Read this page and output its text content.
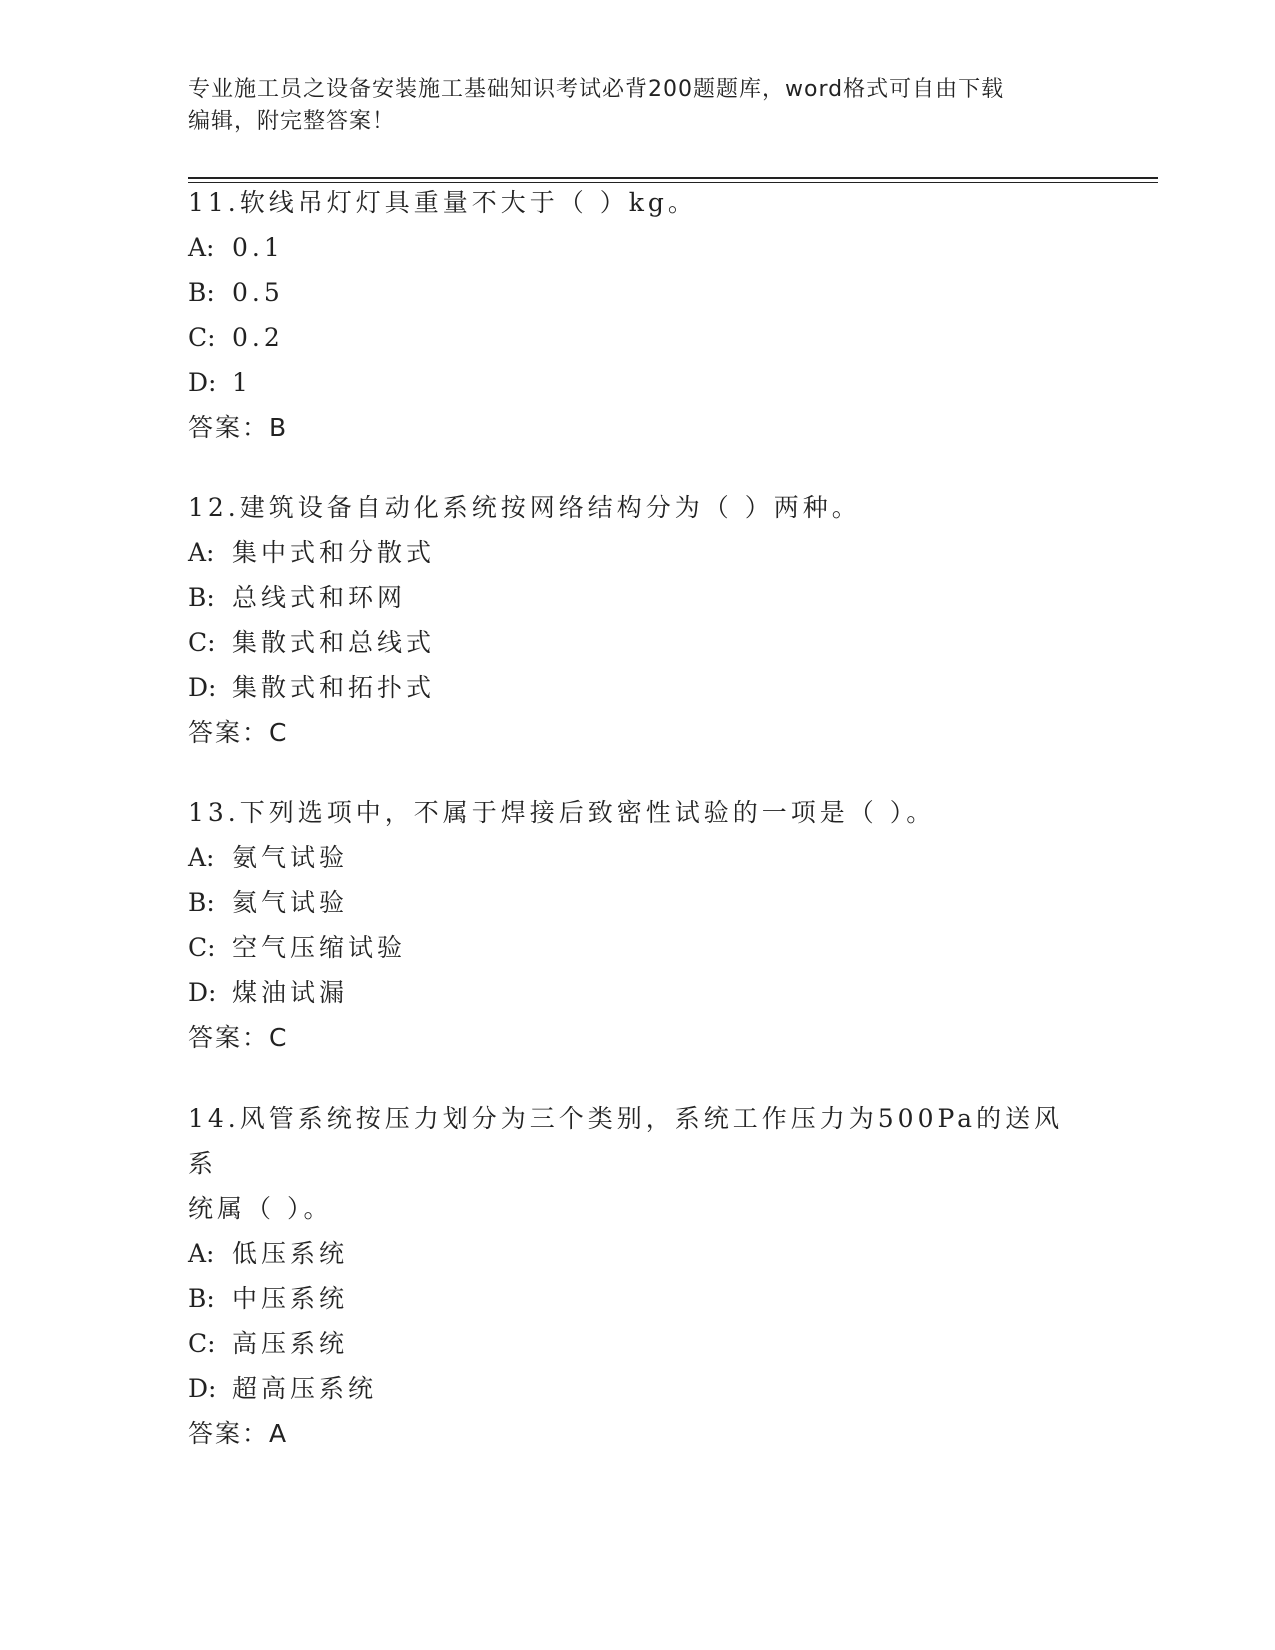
专业施工员之设备安装施工基础知识考试必背200题题库，word格式可自由下载
编辑，附完整答案！
11.软线吊灯灯具重量不大于（ ）kg。
A: 0.1
B: 0.5
C: 0.2
D: 1
答案：B
12.建筑设备自动化系统按网络结构分为（ ）两种。
A: 集中式和分散式
B: 总线式和环网
C: 集散式和总线式
D: 集散式和拓扑式
答案：C
13.下列选项中，不属于焊接后致密性试验的一项是（ ）。
A: 氨气试验
B: 氦气试验
C: 空气压缩试验
D: 煤油试漏
答案：C
14.风管系统按压力划分为三个类别，系统工作压力为500Pa的送风系
统属（ ）。
A: 低压系统
B: 中压系统
C: 高压系统
D: 超高压系统
答案：A
